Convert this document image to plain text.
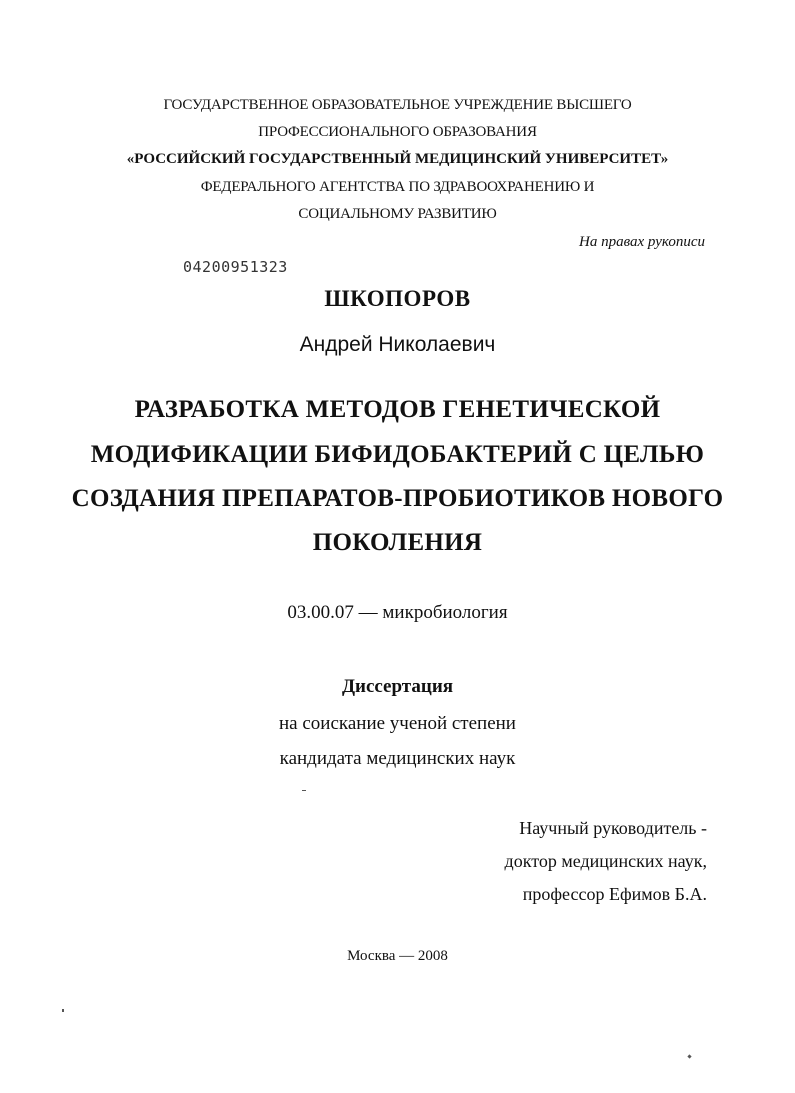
ГОСУДАРСТВЕННОЕ ОБРАЗОВАТЕЛЬНОЕ УЧРЕЖДЕНИЕ ВЫСШЕГО
ПРОФЕССИОНАЛЬНОГО ОБРАЗОВАНИЯ
«РОССИЙСКИЙ ГОСУДАРСТВЕННЫЙ МЕДИЦИНСКИЙ УНИВЕРСИТЕТ»
ФЕДЕРАЛЬНОГО АГЕНТСТВА ПО ЗДРАВООХРАНЕНИЮ И
СОЦИАЛЬНОМУ РАЗВИТИЮ
На правах рукописи
04200951323
ШКОПОРОВ
Андрей Николаевич
РАЗРАБОТКА МЕТОДОВ ГЕНЕТИЧЕСКОЙ
МОДИФИКАЦИИ БИФИДОБАКТЕРИЙ С ЦЕЛЬЮ
СОЗДАНИЯ ПРЕПАРАТОВ-ПРОБИОТИКОВ НОВОГО
ПОКОЛЕНИЯ
03.00.07 — микробиология
Диссертация
на соискание ученой степени
кандидата медицинских наук
Научный руководитель -
доктор медицинских наук,
профессор Ефимов Б.А.
Москва — 2008
